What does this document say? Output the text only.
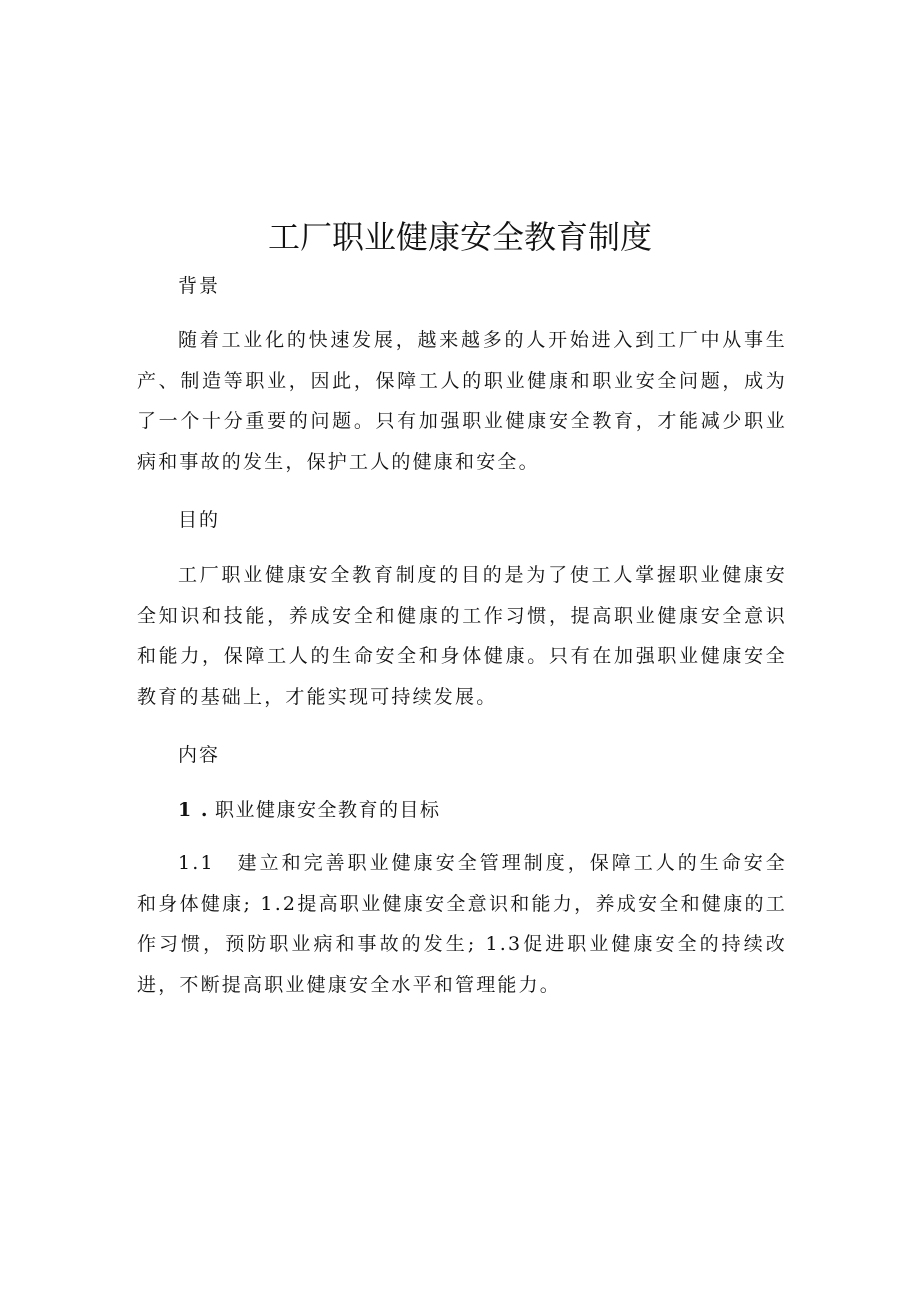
工厂职业健康安全教育制度

背景

随着工业化的快速发展，越来越多的人开始进入到工厂中从事生产、制造等职业，因此，保障工人的职业健康和职业安全问题，成为了一个十分重要的问题。只有加强职业健康安全教育，才能减少职业病和事故的发生，保护工人的健康和安全。

目的

工厂职业健康安全教育制度的目的是为了使工人掌握职业健康安全知识和技能，养成安全和健康的工作习惯，提高职业健康安全意识和能力，保障工人的生命安全和身体健康。只有在加强职业健康安全教育的基础上，才能实现可持续发展。

内容

1 . 职业健康安全教育的目标

1.1　建立和完善职业健康安全管理制度，保障工人的生命安全和身体健康; 1.2提高职业健康安全意识和能力，养成安全和健康的工作习惯，预防职业病和事故的发生; 1.3促进职业健康安全的持续改进，不断提高职业健康安全水平和管理能力。
